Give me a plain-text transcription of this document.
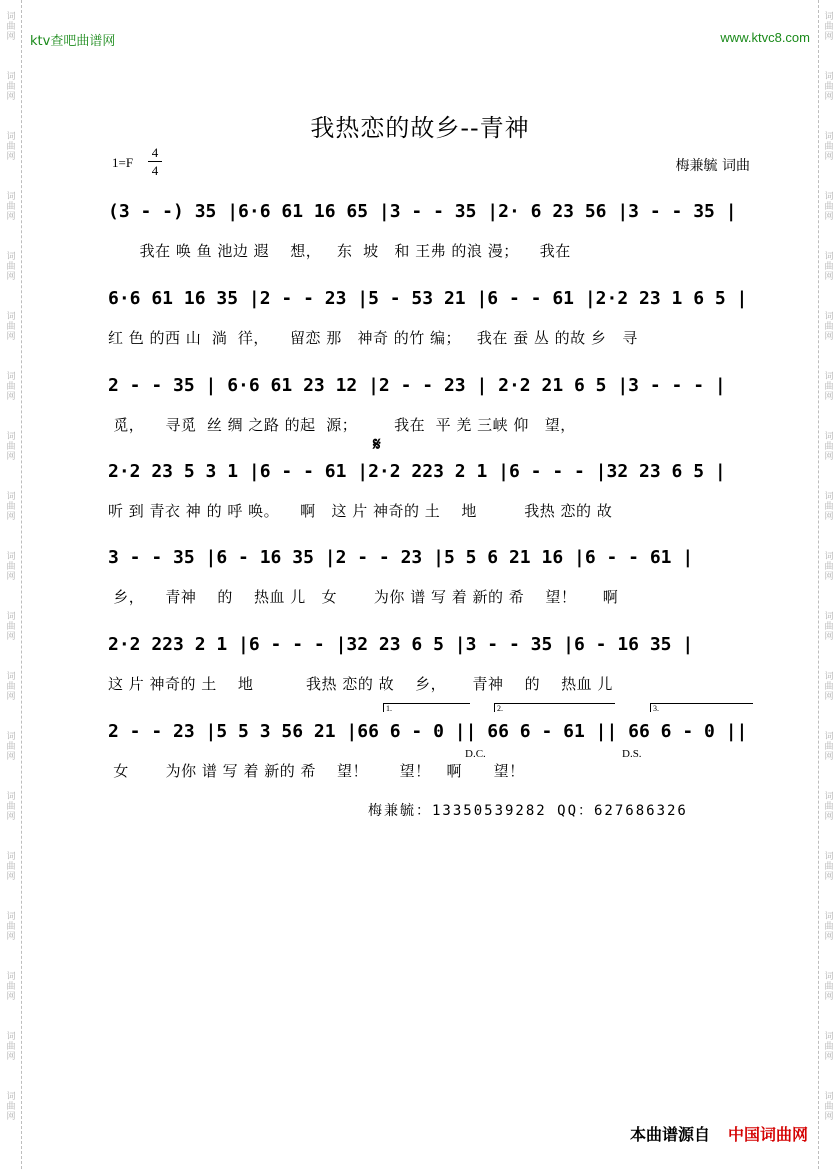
词
曲
网
词
曲
网
词
曲
网
词
曲
网
词
曲
网
词
曲
网
词
曲
网
词
曲
网
词
曲
网
词
曲
网
词
曲
网
词
曲
网
词
曲
网
词
曲
网
词
曲
网
词
曲
网
词
曲
网
词
曲
网
词
曲
网
词
曲
网
词
曲
网
词
曲
网
词
曲
网
词
曲
网
词
曲
网
词
曲
网
词
曲
网
词
曲
网
词
曲
网
词
曲
网
词
曲
网
词
曲
网
词
曲
网
词
曲
网
词
曲
网
词
曲
网
词
曲
网
词
曲
网
ktv查吧曲谱网	www.ktvc8.com
我热恋的故乡--青神
1=F
4
4	梅兼毓 词曲

(3 - -) 35 |6·6 61 16 65 |3 - - 35 |2· 6 23 56 |3 - - 35 |

我在 唤 鱼 池边 遐    想，   东  坡   和 王弗 的浪 漫；    我在

6·6 61 16 35 |2 - - 23 |5 - 53 21 |6 - - 61 |2·2 23 1 6 5 |

红 色 的西 山  淌  徉，    留恋 那   神奇 的竹 编；   我在 蚕 丛 的故 乡   寻

2 - - 35 | 6·6 61 23 12 |2 - - 23 | 2·2 21 6 5 |3 - - - |

觅，    寻觅  丝 绸 之路 的起  源；       我在  平 羌 三峡 仰   望，
𝄋

2·2 23 5 3 1 |6 - - 61 |2·2 223 2 1 |6 - - - |32 23 6 5 |

听 到 青衣 神 的 呼 唤。    啊   这 片 神奇的 土    地         我热 恋的 故

3 - - 35 |6 - 16 35 |2 - - 23 |5 5 6 21 16 |6 - - 61 |

乡，    青神    的    热血 儿   女       为你 谱 写 着 新的 希    望！     啊

2·2 223 2 1 |6 - - - |32 23 6 5 |3 - - 35 |6 - 16 35 |

这 片 神奇的 土    地          我热 恋的 故    乡，     青神    的    热血 儿
1.	2.	3.

2 - - 23 |5 5 3 56 21 |66 6 - 0 || 66 6 - 61 || 66 6 - 0 ||

D.C.	D.S.
女       为你 谱 写 着 新的 希    望！      望！   啊      望！
梅兼毓：13350539282 QQ：627686326
本曲谱源自 中国词曲网
